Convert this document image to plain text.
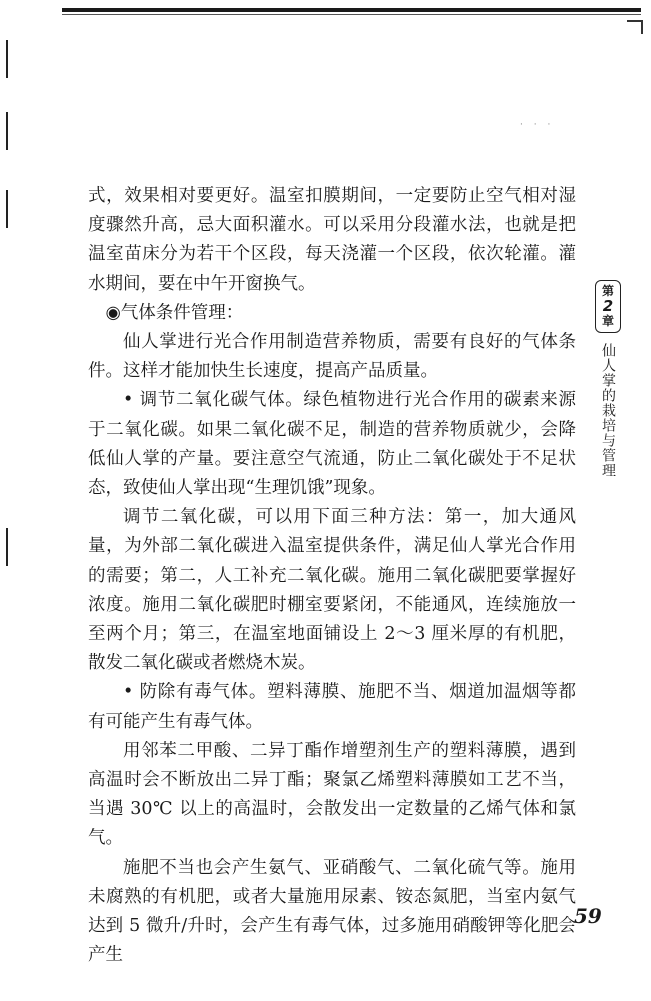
· · ·

式，效果相对要更好。温室扣膜期间，一定要防止空气相对湿度骤然升高，忌大面积灌水。可以采用分段灌水法，也就是把温室苗床分为若干个区段，每天浇灌一个区段，依次轮灌。灌水期间，要在中午开窗换气。

◉气体条件管理：

仙人掌进行光合作用制造营养物质，需要有良好的气体条件。这样才能加快生长速度，提高产品质量。

• 调节二氧化碳气体。绿色植物进行光合作用的碳素来源于二氧化碳。如果二氧化碳不足，制造的营养物质就少，会降低仙人掌的产量。要注意空气流通，防止二氧化碳处于不足状态，致使仙人掌出现“生理饥饿”现象。

调节二氧化碳，可以用下面三种方法：第一，加大通风量，为外部二氧化碳进入温室提供条件，满足仙人掌光合作用的需要；第二，人工补充二氧化碳。施用二氧化碳肥要掌握好浓度。施用二氧化碳肥时棚室要紧闭，不能通风，连续施放一至两个月；第三，在温室地面铺设上 2～3 厘米厚的有机肥，散发二氧化碳或者燃烧木炭。

• 防除有毒气体。塑料薄膜、施肥不当、烟道加温烟等都有可能产生有毒气体。

用邻苯二甲酸、二异丁酯作增塑剂生产的塑料薄膜，遇到高温时会不断放出二异丁酯；聚氯乙烯塑料薄膜如工艺不当，当遇 30℃ 以上的高温时，会散发出一定数量的乙烯气体和氯气。

施肥不当也会产生氨气、亚硝酸气、二氧化硫气等。施用未腐熟的有机肥，或者大量施用尿素、铵态氮肥，当室内氨气达到 5 微升/升时，会产生有毒气体，过多施用硝酸钾等化肥会产生

第
2
章
仙人掌的栽培与管理
59
